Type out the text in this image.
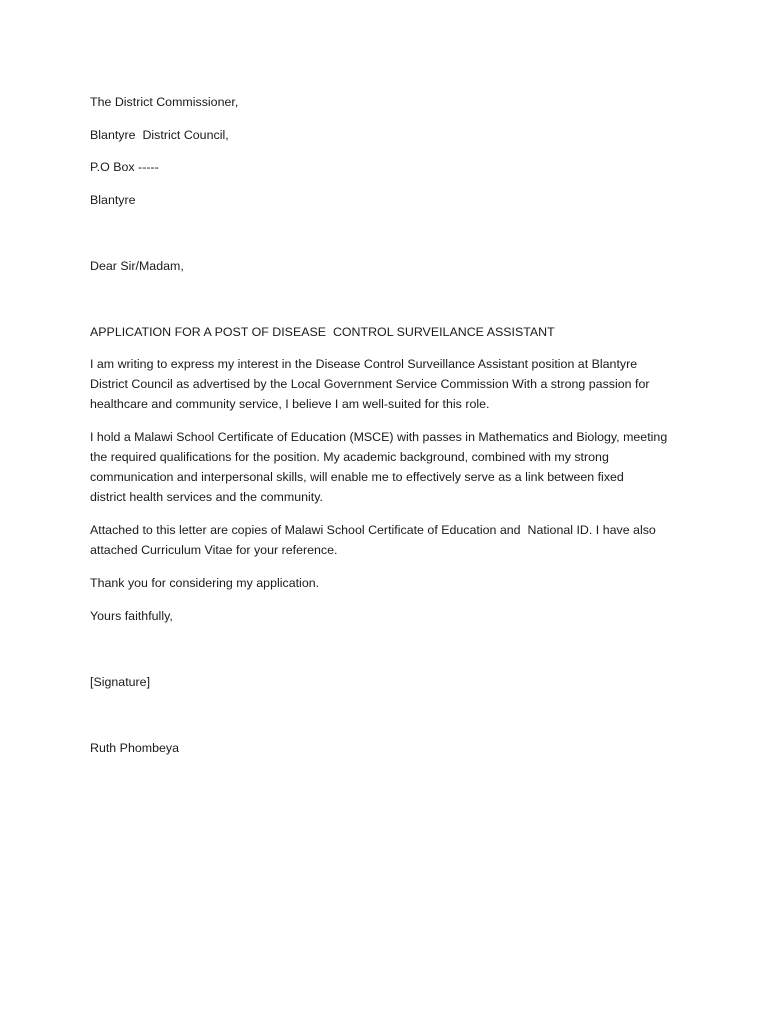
The District Commissioner,

Blantyre  District Council,

P.O Box -----

Blantyre

Dear Sir/Madam,

APPLICATION FOR A POST OF DISEASE  CONTROL SURVEILANCE ASSISTANT

I am writing to express my interest in the Disease Control Surveillance Assistant position at Blantyre

District Council as advertised by the Local Government Service Commission With a strong passion for

healthcare and community service, I believe I am well-suited for this role.

I hold a Malawi School Certificate of Education (MSCE) with passes in Mathematics and Biology, meeting

the required qualifications for the position. My academic background, combined with my strong

communication and interpersonal skills, will enable me to effectively serve as a link between fixed

district health services and the community.

Attached to this letter are copies of Malawi School Certificate of Education and  National ID. I have also

attached Curriculum Vitae for your reference.

Thank you for considering my application.

Yours faithfully,

[Signature]

Ruth Phombeya
